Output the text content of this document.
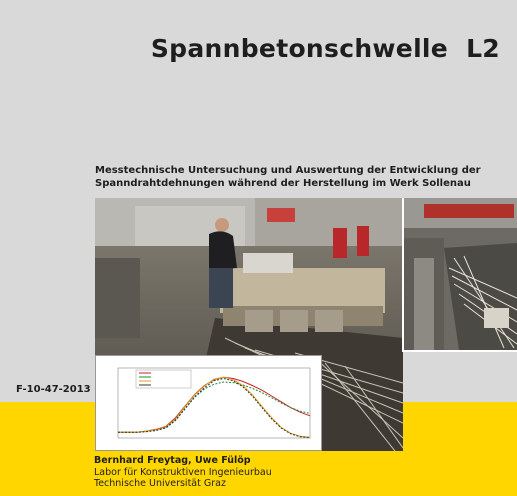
Spannbetonschwelle  L2
Messtechnische Untersuchung und Auswertung der Entwicklung der
Spanndrahtdehnungen während der Herstellung im Werk Sollenau
F-10-47-2013
Bernhard Freytag, Uwe Fülöp
Labor für Konstruktiven Ingenieurbau
Technische Universität Graz
